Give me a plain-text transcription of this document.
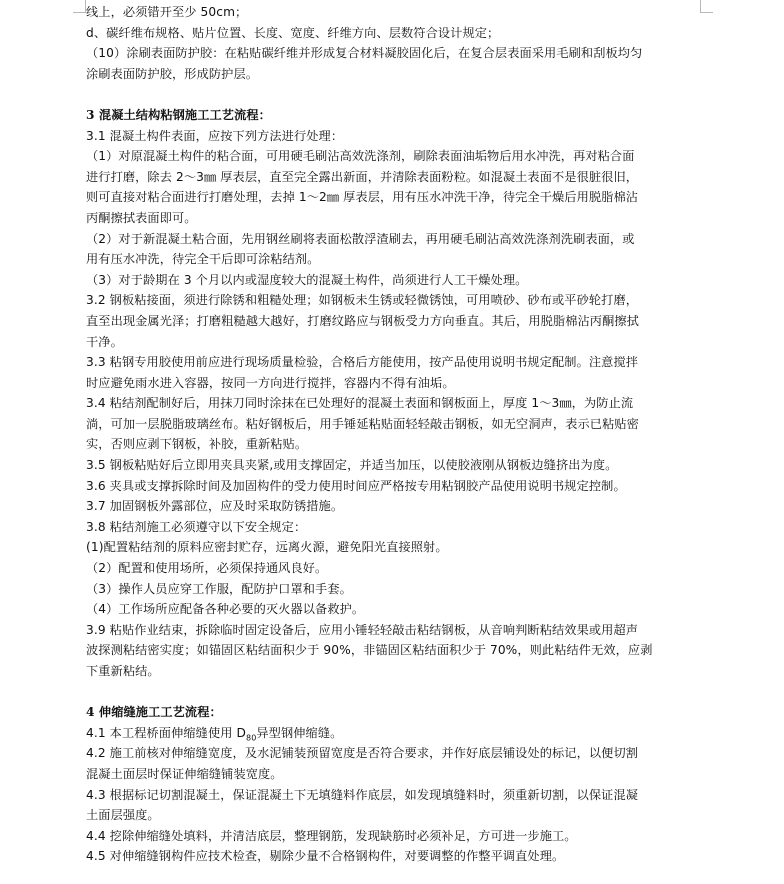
线上，必须错开至少 50cm；

d、碳纤维布规格、贴片位置、长度、宽度、纤维方向、层数符合设计规定；

（10）涂刷表面防护胶：在粘贴碳纤维并形成复合材料凝胶固化后，在复合层表面采用毛刷和刮板均匀

涂刷表面防护胶，形成防护层。

3 混凝土结构粘钢施工工艺流程：

3.1 混凝土构件表面，应按下列方法进行处理：

（1）对原混凝土构件的粘合面，可用硬毛刷沾高效洗涤剂，刷除表面油垢物后用水冲洗，再对粘合面

进行打磨，除去 2～3㎜ 厚表层，直至完全露出新面，并清除表面粉粒。如混凝土表面不是很脏很旧，

则可直接对粘合面进行打磨处理，去掉 1～2㎜ 厚表层，用有压水冲洗干净，待完全干燥后用脱脂棉沾

丙酮擦拭表面即可。

（2）对于新混凝土粘合面，先用钢丝刷将表面松散浮渣刷去，再用硬毛刷沾高效洗涤剂洗刷表面，或

用有压水冲洗，待完全干后即可涂粘结剂。

（3）对于龄期在 3 个月以内或湿度较大的混凝土构件，尚须进行人工干燥处理。

3.2 钢板粘接面，须进行除锈和粗糙处理；如钢板未生锈或轻微锈蚀，可用喷砂、砂布或平砂轮打磨，

直至出现金属光泽；打磨粗糙越大越好，打磨纹路应与钢板受力方向垂直。其后，用脱脂棉沾丙酮擦拭

干净。

3.3 粘钢专用胶使用前应进行现场质量检验，合格后方能使用，按产品使用说明书规定配制。注意搅拌

时应避免雨水进入容器，按同一方向进行搅拌，容器内不得有油垢。

3.4 粘结剂配制好后，用抹刀同时涂抹在已处理好的混凝土表面和钢板面上，厚度 1～3㎜，为防止流

淌，可加一层脱脂玻璃丝布。粘好钢板后，用手锤延粘贴面轻轻敲击钢板，如无空洞声，表示已粘贴密

实，否则应剥下钢板，补胶，重新粘贴。

3.5 钢板粘贴好后立即用夹具夹紧,或用支撑固定，并适当加压，以使胶液刚从钢板边缝挤出为度。

3.6 夹具或支撑拆除时间及加固构件的受力使用时间应严格按专用粘钢胶产品使用说明书规定控制。

3.7 加固钢板外露部位，应及时采取防锈措施。

3.8 粘结剂施工必须遵守以下安全规定：

(1)配置粘结剂的原料应密封贮存，远离火源，避免阳光直接照射。

（2）配置和使用场所，必须保持通风良好。

（3）操作人员应穿工作服，配防护口罩和手套。

（4）工作场所应配备各种必要的灭火器以备救护。

3.9 粘贴作业结束，拆除临时固定设备后，应用小锤轻轻敲击粘结钢板，从音响判断粘结效果或用超声

波探测粘结密实度；如锚固区粘结面积少于 90%，非锚固区粘结面积少于 70%，则此粘结件无效，应剥

下重新粘结。

4 伸缩缝施工工艺流程：

4.1 本工程桥面伸缩缝使用 $D_{80}$异型钢伸缩缝。

4.2 施工前核对伸缩缝宽度，及水泥铺装预留宽度是否符合要求，并作好底层铺设处的标记，以便切割

混凝土面层时保证伸缩缝铺装宽度。

4.3 根据标记切割混凝土，保证混凝土下无填缝料作底层，如发现填缝料时，须重新切割，以保证混凝

土面层强度。

4.4 挖除伸缩缝处填料，并清洁底层，整理钢筋，发现缺筋时必须补足，方可进一步施工。

4.5 对伸缩缝钢构件应技术检查，剔除少量不合格钢构件，对要调整的作整平调直处理。
